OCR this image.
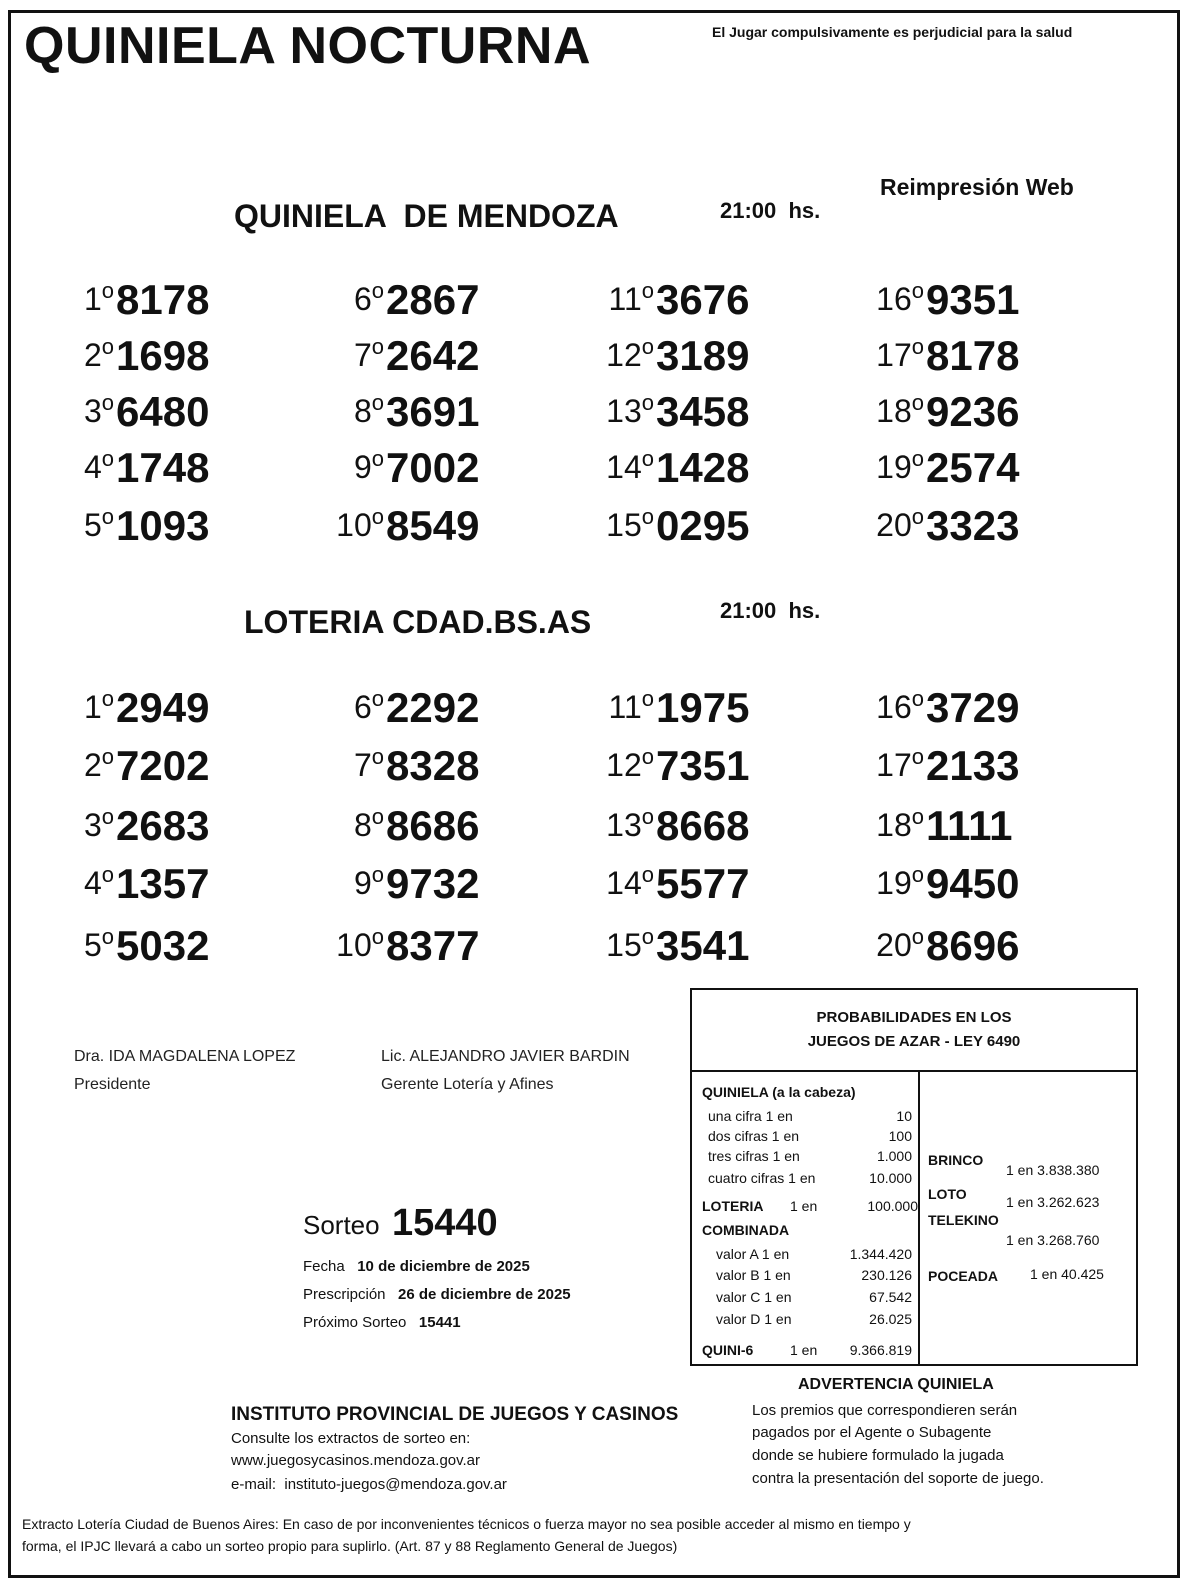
QUINIELA NOCTURNA	El Jugar compulsivamente es perjudicial para la salud
Reimpresión Web
QUINIELA  DE MENDOZA	21:00  hs.
1$^o$ 8178
2$^o$ 1698
3$^o$ 6480
4$^o$ 1748
5$^o$ 1093
6$^o$ 2867
7$^o$ 2642
8$^o$ 3691
9$^o$ 7002
10$^o$ 8549
11$^o$ 3676
12$^o$ 3189
13$^o$ 3458
14$^o$ 1428
15$^o$ 0295
16$^o$ 9351
17$^o$ 8178
18$^o$ 9236
19$^o$ 2574
20$^o$ 3323
LOTERIA CDAD.BS.AS	21:00  hs.
1$^o$ 2949
2$^o$ 7202
3$^o$ 2683
4$^o$ 1357
5$^o$ 5032
6$^o$ 2292
7$^o$ 8328
8$^o$ 8686
9$^o$ 9732
10$^o$ 8377
11$^o$ 1975
12$^o$ 7351
13$^o$ 8668
14$^o$ 5577
15$^o$ 3541
16$^o$ 3729
17$^o$ 2133
18$^o$ 1111
19$^o$ 9450
20$^o$ 8696
Dra. IDA MAGDALENA LOPEZ
Presidente
Lic. ALEJANDRO JAVIER BARDIN
Gerente Lotería y Afines
Sorteo 15440
Fecha 10 de diciembre de 2025
Prescripción 26 de diciembre de 2025
Próximo Sorteo 15441
PROBABILIDADES EN LOS
JUEGOS DE AZAR - LEY 6490
QUINIELA (a la cabeza)
una cifra 1 en	10
dos cifras 1 en	100
tres cifras 1 en	1.000
cuatro cifras 1 en	10.000
LOTERIA 1 en	100.000
COMBINADA
valor A 1 en	1.344.420
valor B 1 en	230.126
valor C 1 en	67.542
valor D 1 en	26.025
QUINI-6	1 en	9.366.819
BRINCO
1 en 3.838.380
LOTO	1 en 3.262.623
TELEKINO
1 en 3.268.760
POCEADA 1 en 40.425
ADVERTENCIA QUINIELA
Los premios que correspondieren serán
pagados por el Agente o Subagente
donde se hubiere formulado la jugada
contra la presentación del soporte de juego.
INSTITUTO PROVINCIAL DE JUEGOS Y CASINOS
Consulte los extractos de sorteo en:
www.juegosycasinos.mendoza.gov.ar
e-mail: instituto-juegos@mendoza.gov.ar
Extracto Lotería Ciudad de Buenos Aires: En caso de por inconvenientes técnicos o fuerza mayor no sea posible acceder al mismo en tiempo y
forma, el IPJC llevará a cabo un sorteo propio para suplirlo. (Art. 87 y 88 Reglamento General de Juegos)
